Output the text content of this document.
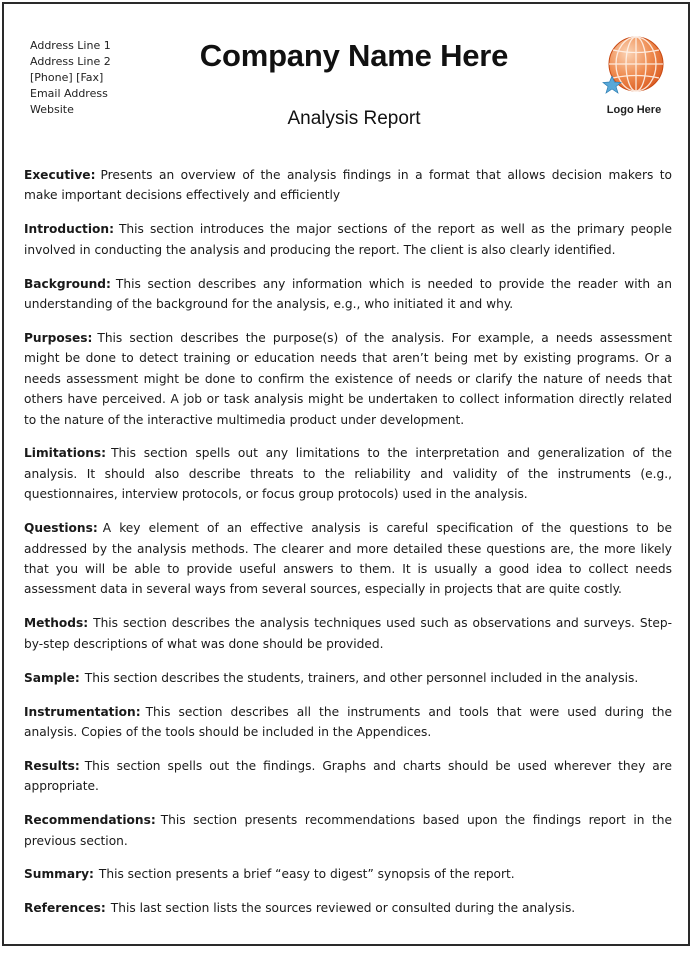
Address Line 1
Address Line 2
[Phone] [Fax]
Email Address
Website
Company Name Here
Analysis Report	Logo Here

Executive: Presents an overview of the analysis findings in a format that allows decision makers to make important decisions effectively and efficiently

Introduction: This section introduces the major sections of the report as well as the primary people involved in conducting the analysis and producing the report. The client is also clearly identified.

Background: This section describes any information which is needed to provide the reader with an understanding of the background for the analysis, e.g., who initiated it and why.

Purposes: This section describes the purpose(s) of the analysis. For example, a needs assessment might be done to detect training or education needs that aren’t being met by existing programs. Or a needs assessment might be done to confirm the existence of needs or clarify the nature of needs that others have perceived. A job or task analysis might be undertaken to collect information directly related to the nature of the interactive multimedia product under development.

Limitations: This section spells out any limitations to the interpretation and generalization of the analysis. It should also describe threats to the reliability and validity of the instruments (e.g., questionnaires, interview protocols, or focus group protocols) used in the analysis.

Questions: A key element of an effective analysis is careful specification of the questions to be addressed by the analysis methods. The clearer and more detailed these questions are, the more likely that you will be able to provide useful answers to them. It is usually a good idea to collect needs assessment data in several ways from several sources, especially in projects that are quite costly.

Methods: This section describes the analysis techniques used such as observations and surveys. Step-by-step descriptions of what was done should be provided.

Sample: This section describes the students, trainers, and other personnel included in the analysis.

Instrumentation: This section describes all the instruments and tools that were used during the analysis. Copies of the tools should be included in the Appendices.

Results: This section spells out the findings. Graphs and charts should be used wherever they are appropriate.

Recommendations: This section presents recommendations based upon the findings report in the previous section.

Summary: This section presents a brief “easy to digest” synopsis of the report.

References: This last section lists the sources reviewed or consulted during the analysis.
